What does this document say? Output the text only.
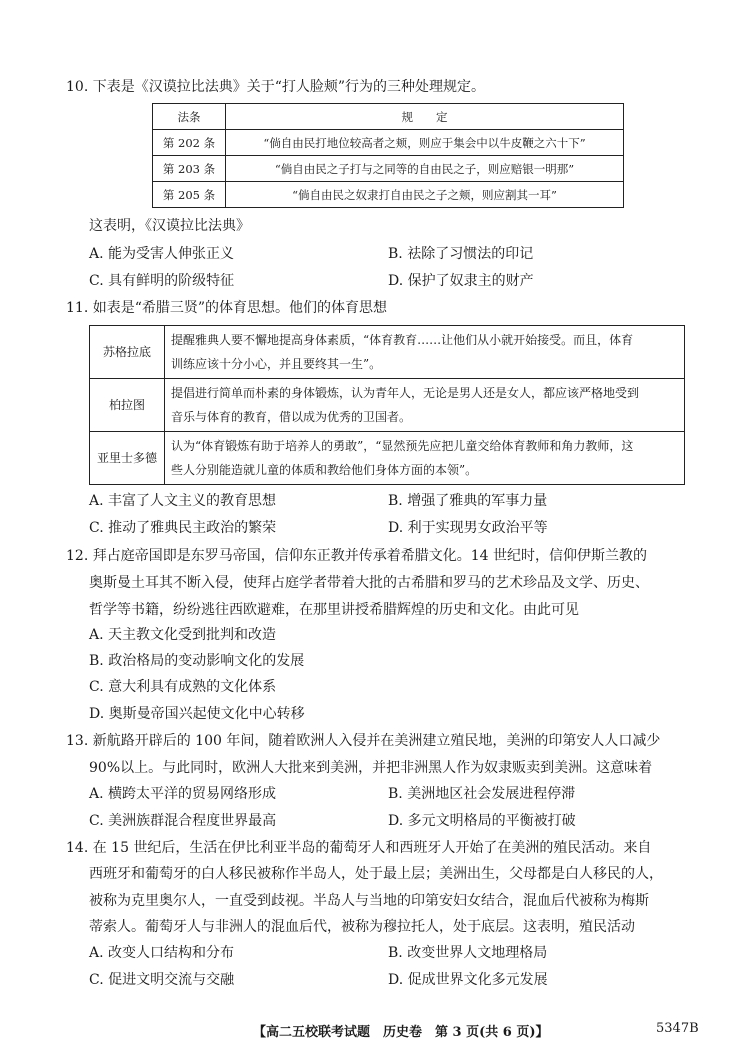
10. 下表是《汉谟拉比法典》关于“打人脸颊”行为的三种处理规定。
法条	规　　定
第 202 条	“倘自由民打地位较高者之颊，则应于集会中以牛皮鞭之六十下”
第 203 条	“倘自由民之子打与之同等的自由民之子，则应赔银一明那”
第 205 条	“倘自由民之奴隶打自由民之子之颊，则应割其一耳”
这表明，《汉谟拉比法典》
A. 能为受害人伸张正义	B. 祛除了习惯法的印记
C. 具有鲜明的阶级特征	D. 保护了奴隶主的财产
11. 如表是“希腊三贤”的体育思想。他们的体育思想
苏格拉底	提醒雅典人要不懈地提高身体素质，“体育教育……让他们从小就开始接受。而且，体育
训练应该十分小心，并且要终其一生”。

柏拉图	提倡进行简单而朴素的身体锻炼，认为青年人，无论是男人还是女人，都应该严格地受到
音乐与体育的教育，借以成为优秀的卫国者。

亚里士多德	认为“体育锻炼有助于培养人的勇敢”，“显然预先应把儿童交给体育教师和角力教师，这
些人分别能造就儿童的体质和教给他们身体方面的本领”。
A. 丰富了人文主义的教育思想	B. 增强了雅典的军事力量
C. 推动了雅典民主政治的繁荣	D. 利于实现男女政治平等
12. 拜占庭帝国即是东罗马帝国，信仰东正教并传承着希腊文化。14 世纪时，信仰伊斯兰教的
奥斯曼土耳其不断入侵，使拜占庭学者带着大批的古希腊和罗马的艺术珍品及文学、历史、
哲学等书籍，纷纷逃往西欧避难，在那里讲授希腊辉煌的历史和文化。由此可见
A. 天主教文化受到批判和改造
B. 政治格局的变动影响文化的发展
C. 意大利具有成熟的文化体系
D. 奥斯曼帝国兴起使文化中心转移
13. 新航路开辟后的 100 年间，随着欧洲人入侵并在美洲建立殖民地，美洲的印第安人人口减少
90%以上。与此同时，欧洲人大批来到美洲，并把非洲黑人作为奴隶贩卖到美洲。这意味着
A. 横跨太平洋的贸易网络形成	B. 美洲地区社会发展进程停滞
C. 美洲族群混合程度世界最高	D. 多元文明格局的平衡被打破
14. 在 15 世纪后，生活在伊比利亚半岛的葡萄牙人和西班牙人开始了在美洲的殖民活动。来自
西班牙和葡萄牙的白人移民被称作半岛人，处于最上层；美洲出生，父母都是白人移民的人，
被称为克里奥尔人，一直受到歧视。半岛人与当地的印第安妇女结合，混血后代被称为梅斯
蒂索人。葡萄牙人与非洲人的混血后代，被称为穆拉托人，处于底层。这表明，殖民活动
A. 改变人口结构和分布	B. 改变世界人文地理格局
C. 促进文明交流与交融	D. 促成世界文化多元发展
【高二五校联考试题　历史卷　第 3 页(共 6 页)】	5347B
